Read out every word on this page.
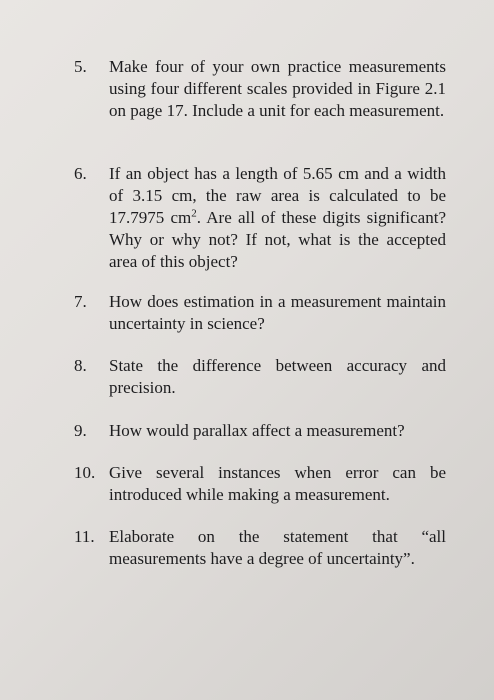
5.	Make four of your own practice measurements using four different scales provided in Figure 2.1 on page 17. Include a unit for each measurement.
6.	If an object has a length of 5.65 cm and a width of 3.15 cm, the raw area is calculated to be 17.7975 $cm^2$. Are all of these digits significant? Why or why not? If not, what is the accepted area of this object?
7.	How does estimation in a measurement maintain uncertainty in science?
8.	State the difference between accuracy and precision.
9.	How would parallax affect a measurement?
10. Give several instances when error can be introduced while making a measurement.
11. Elaborate on the statement that “all measurements have a degree of uncertainty”.
